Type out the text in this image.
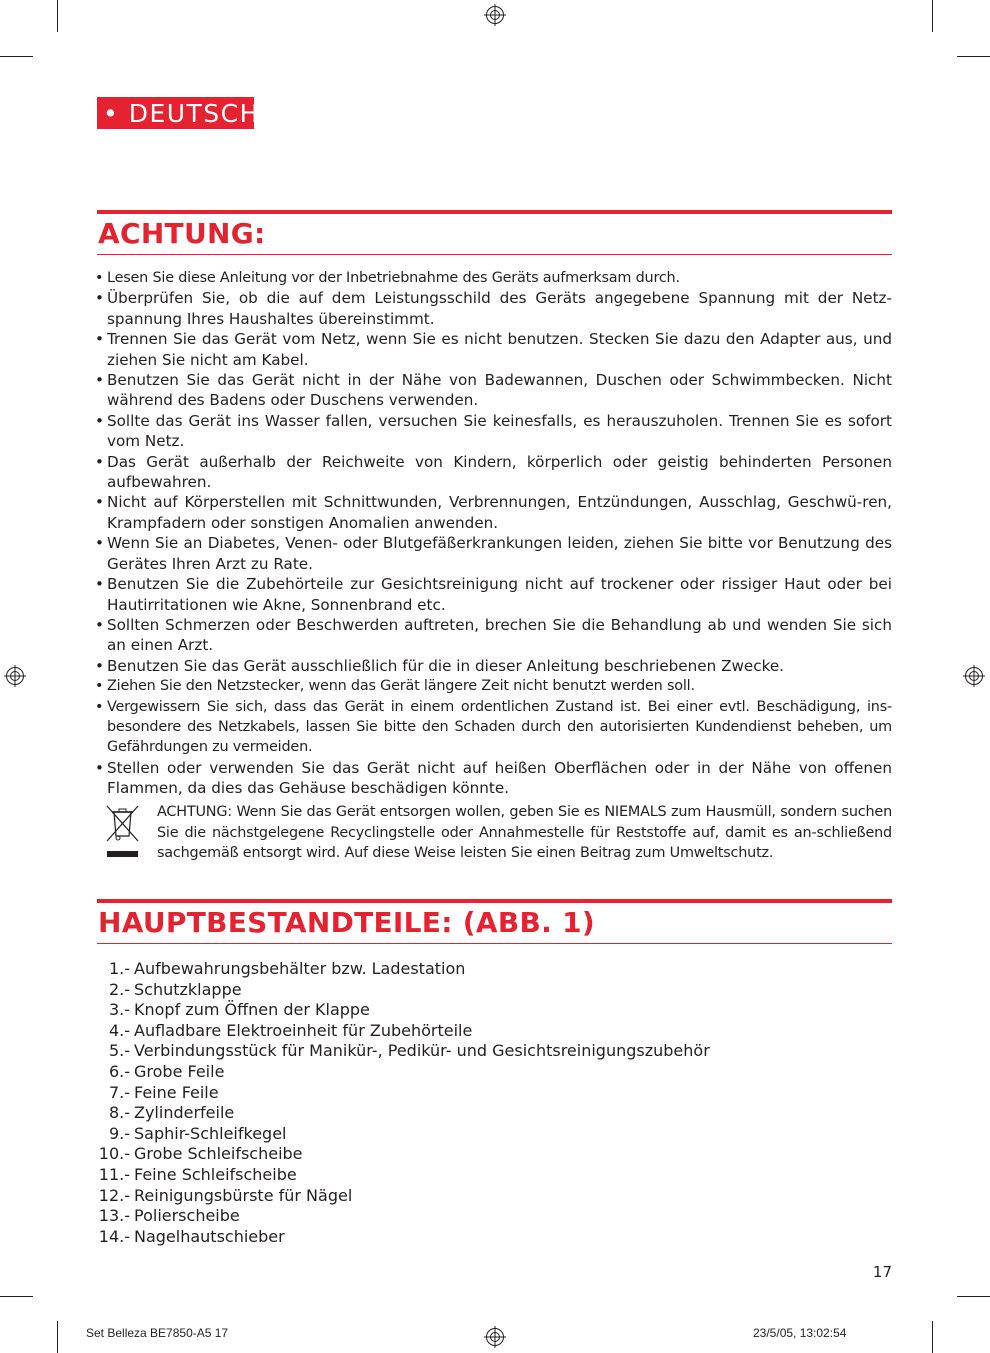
• DEUTSCH
ACHTUNG:
• Lesen Sie diese Anleitung vor der Inbetriebnahme des Geräts aufmerksam durch.
• Überprüfen Sie, ob die auf dem Leistungsschild des Geräts angegebene Spannung mit der Netz-spannung Ihres Haushaltes übereinstimmt.
• Trennen Sie das Gerät vom Netz, wenn Sie es nicht benutzen. Stecken Sie dazu den Adapter aus, und ziehen Sie nicht am Kabel.
• Benutzen Sie das Gerät nicht in der Nähe von Badewannen, Duschen oder Schwimmbecken. Nicht während des Badens oder Duschens verwenden.
• Sollte das Gerät ins Wasser fallen, versuchen Sie keinesfalls, es herauszuholen. Trennen Sie es sofort vom Netz.
• Das Gerät außerhalb der Reichweite von Kindern, körperlich oder geistig behinderten Personen aufbewahren.
• Nicht auf Körperstellen mit Schnittwunden, Verbrennungen, Entzündungen, Ausschlag, Geschwü-ren, Krampfadern oder sonstigen Anomalien anwenden.
• Wenn Sie an Diabetes, Venen- oder Blutgefäßerkrankungen leiden, ziehen Sie bitte vor Benutzung des Gerätes Ihren Arzt zu Rate.
• Benutzen Sie die Zubehörteile zur Gesichtsreinigung nicht auf trockener oder rissiger Haut oder bei Hautirritationen wie Akne, Sonnenbrand etc.
• Sollten Schmerzen oder Beschwerden auftreten, brechen Sie die Behandlung ab und wenden Sie sich an einen Arzt.
• Benutzen Sie das Gerät ausschließlich für die in dieser Anleitung beschriebenen Zwecke.
• Ziehen Sie den Netzstecker, wenn das Gerät längere Zeit nicht benutzt werden soll.
• Vergewissern Sie sich, dass das Gerät in einem ordentlichen Zustand ist. Bei einer evtl. Beschädigung, ins-besondere des Netzkabels, lassen Sie bitte den Schaden durch den autorisierten Kundendienst beheben, um Gefährdungen zu vermeiden.
• Stellen oder verwenden Sie das Gerät nicht auf heißen Oberflächen oder in der Nähe von offenen Flammen, da dies das Gehäuse beschädigen könnte.
ACHTUNG: Wenn Sie das Gerät entsorgen wollen, geben Sie es NIEMALS zum Hausmüll, sondern suchen Sie die nächstgelegene Recyclingstelle oder Annahmestelle für Reststoffe auf, damit es an-schließend sachgemäß entsorgt wird. Auf diese Weise leisten Sie einen Beitrag zum Umweltschutz.
HAUPTBESTANDTEILE: (ABB. 1)
1.- Aufbewahrungsbehälter bzw. Ladestation
2.- Schutzklappe
3.- Knopf zum Öffnen der Klappe
4.- Aufladbare Elektroeinheit für Zubehörteile
5.- Verbindungsstück für Manikür-, Pedikür- und Gesichtsreinigungszubehör
6.- Grobe Feile
7.- Feine Feile
8.- Zylinderfeile
9.- Saphir-Schleifkegel
10.- Grobe Schleifscheibe
11.- Feine Schleifscheibe
12.- Reinigungsbürste für Nägel
13.- Polierscheibe
14.- Nagelhautschieber
17
Set Belleza BE7850-A5 17	23/5/05, 13:02:54
